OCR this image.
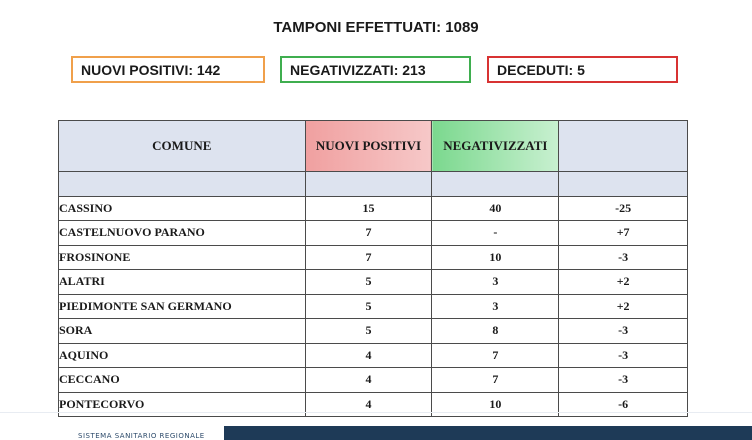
TAMPONI EFFETTUATI: 1089
NUOVI POSITIVI: 142	NEGATIVIZZATI: 213	DECEDUTI: 5
COMUNE	NUOVI POSITIVI	NEGATIVIZZATI	

CASSINO	15	40	-25
CASTELNUOVO PARANO	7	-	+7
FROSINONE	7	10	-3
ALATRI	5	3	+2
PIEDIMONTE SAN GERMANO	5	3	+2
SORA	5	8	-3
AQUINO	4	7	-3
CECCANO	4	7	-3
PONTECORVO	4	10	-6
SISTEMA SANITARIO REGIONALE
